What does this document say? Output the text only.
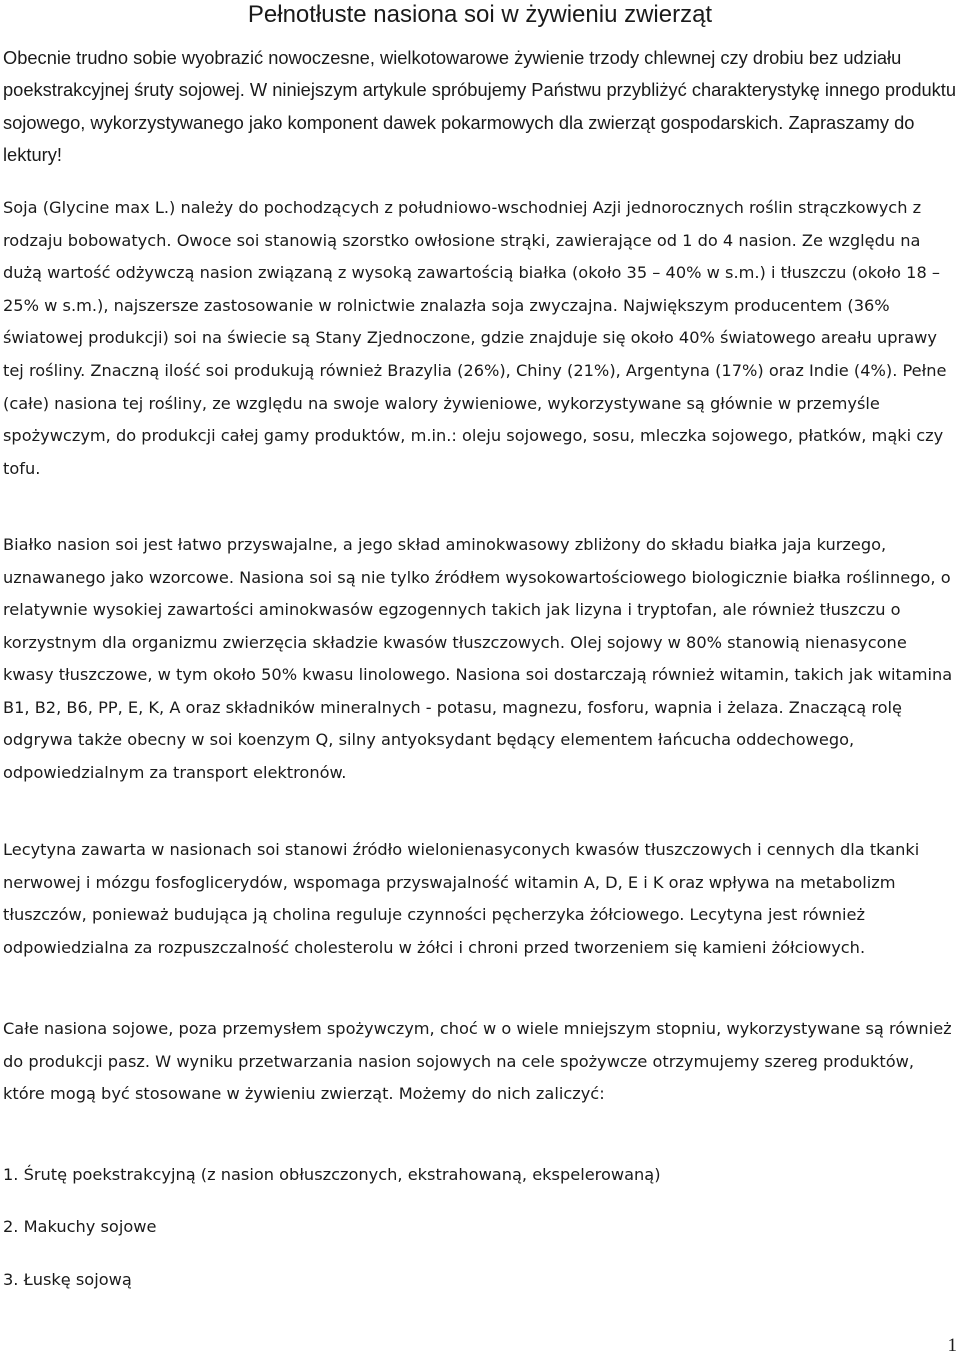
Pełnotłuste nasiona soi w żywieniu zwierząt

Obecnie trudno sobie wyobrazić nowoczesne, wielkotowarowe żywienie trzody chlewnej czy drobiu bez udziału poekstrakcyjnej śruty sojowej. W niniejszym artykule spróbujemy Państwu przybliżyć charakterystykę innego produktu sojowego, wykorzystywanego jako komponent dawek pokarmowych dla zwierząt gospodarskich. Zapraszamy do lektury!

Soja (Glycine max L.) należy do pochodzących z południowo-wschodniej Azji jednorocznych roślin strączkowych z rodzaju bobowatych. Owoce soi stanowią szorstko owłosione strąki, zawierające od 1 do 4 nasion. Ze względu na dużą wartość odżywczą nasion związaną z wysoką zawartością białka (około 35 – 40% w s.m.) i tłuszczu (około 18 – 25% w s.m.), najszersze zastosowanie w rolnictwie znalazła soja zwyczajna. Największym producentem (36% światowej produkcji) soi na świecie są Stany Zjednoczone, gdzie znajduje się około 40% światowego areału uprawy tej rośliny. Znaczną ilość soi produkują również Brazylia (26%), Chiny (21%), Argentyna (17%) oraz Indie (4%). Pełne (całe) nasiona tej rośliny, ze względu na swoje walory żywieniowe, wykorzystywane są głównie w przemyśle spożywczym, do produkcji całej gamy produktów, m.in.: oleju sojowego, sosu, mleczka sojowego, płatków, mąki czy tofu.

Białko nasion soi jest łatwo przyswajalne, a jego skład aminokwasowy zbliżony do składu białka jaja kurzego, uznawanego jako wzorcowe. Nasiona soi są nie tylko źródłem wysokowartościowego biologicznie białka roślinnego, o relatywnie wysokiej zawartości aminokwasów egzogennych takich jak lizyna i tryptofan, ale również tłuszczu o korzystnym dla organizmu zwierzęcia składzie kwasów tłuszczowych. Olej sojowy w 80% stanowią nienasycone kwasy tłuszczowe, w tym około 50% kwasu linolowego. Nasiona soi dostarczają również witamin, takich jak witamina B1, B2, B6, PP, E, K, A oraz składników mineralnych - potasu, magnezu, fosforu, wapnia i żelaza. Znaczącą rolę odgrywa także obecny w soi koenzym Q, silny antyoksydant będący elementem łańcucha oddechowego, odpowiedzialnym za transport elektronów.

Lecytyna zawarta w nasionach soi stanowi źródło wielonienasyconych kwasów tłuszczowych i cennych dla tkanki nerwowej i mózgu fosfoglicerydów, wspomaga przyswajalność witamin A, D, E i K oraz wpływa na metabolizm tłuszczów, ponieważ budująca ją cholina reguluje czynności pęcherzyka żółciowego. Lecytyna jest również odpowiedzialna za rozpuszczalność cholesterolu w żółci i chroni przed tworzeniem się kamieni żółciowych.

Całe nasiona sojowe, poza przemysłem spożywczym, choć w o wiele mniejszym stopniu, wykorzystywane są również do produkcji pasz. W wyniku przetwarzania nasion sojowych na cele spożywcze otrzymujemy szereg produktów, które mogą być stosowane w żywieniu zwierząt. Możemy do nich zaliczyć:

1. Śrutę poekstrakcyjną (z nasion obłuszczonych, ekstrahowaną, ekspelerowaną)

2. Makuchy sojowe

3. Łuskę sojową

1
